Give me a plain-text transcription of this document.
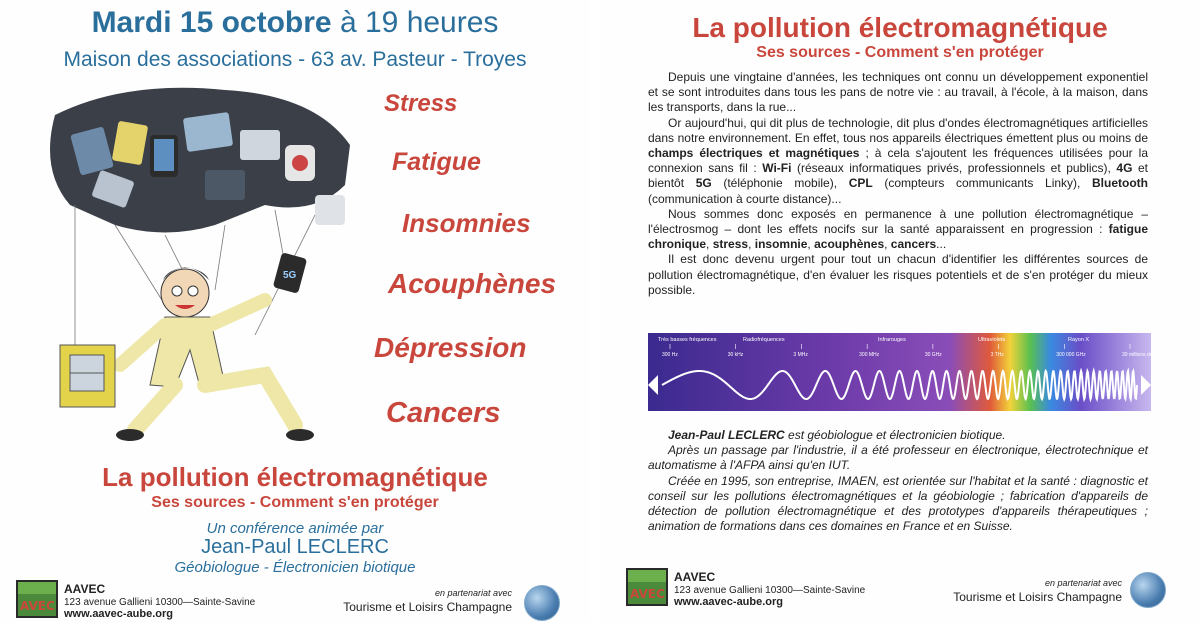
Mardi 15 octobre à 19 heures
Maison des associations - 63 av. Pasteur - Troyes
5G
Stress
Fatigue
Insomnies
Acouphènes
Dépression
Cancers
La pollution électromagnétique
Ses sources - Comment s'en protéger
Un conférence animée par
Jean-Paul LECLERC
Géobiologue - Électronicien biotique
AVEC
AAVEC
123 avenue Gallieni 10300—Sainte-Savine
www.aavec-aube.org
en partenariat avec
Tourisme et Loisirs Champagne
La pollution électromagnétique
Ses sources - Comment s'en protéger

Depuis une vingtaine d'années, les techniques ont connu un développement exponentiel et se sont introduites dans tous les pans de notre vie : au travail, à l'école, à la maison, dans les transports, dans la rue...

Or aujourd'hui, qui dit plus de technologie, dit plus d'ondes électromagnétiques artificielles dans notre environnement. En effet, tous nos appareils électriques émettent plus ou moins de champs électriques et magnétiques ; à cela s'ajoutent les fréquences utilisées pour la connexion sans fil : Wi-Fi (réseaux informatiques privés, professionnels et publics), 4G et bientôt 5G (téléphonie mobile), CPL (compteurs communicants Linky), Bluetooth (communication à courte distance)...

Nous sommes donc exposés en permanence à une pollution électromagnétique – l'électrosmog – dont les effets nocifs sur la santé apparaissent en progression : fatigue chronique, stress, insomnie, acouphènes, cancers...

Il est donc devenu urgent pour tout un chacun d'identifier les différentes sources de pollution électromagnétique, d'en évaluer les risques potentiels et de s'en protéger du mieux possible.

Très basses fréquences	Radiofréquences	Infrarouges	Ultraviolets	Rayon X
300 Hz	30 kHz	3 MHz	300 MHz	30 GHz	3 THz	300 000 GHz	30 millions de GHz

Jean-Paul LECLERC est géobiologue et électronicien biotique.

Après un passage par l'industrie, il a été professeur en électronique, électrotechnique et automatisme à l'AFPA ainsi qu'en IUT.

Créée en 1995, son entreprise, IMAEN, est orientée sur l'habitat et la santé : diagnostic et conseil sur les pollutions électromagnétiques et la géobiologie ; fabrication d'appareils de détection de pollution électromagnétique et des prototypes d'appareils thérapeutiques ; animation de formations dans ces domaines en France et en Suisse.

AVEC
AAVEC
123 avenue Gallieni 10300—Sainte-Savine
www.aavec-aube.org
en partenariat avec
Tourisme et Loisirs Champagne
